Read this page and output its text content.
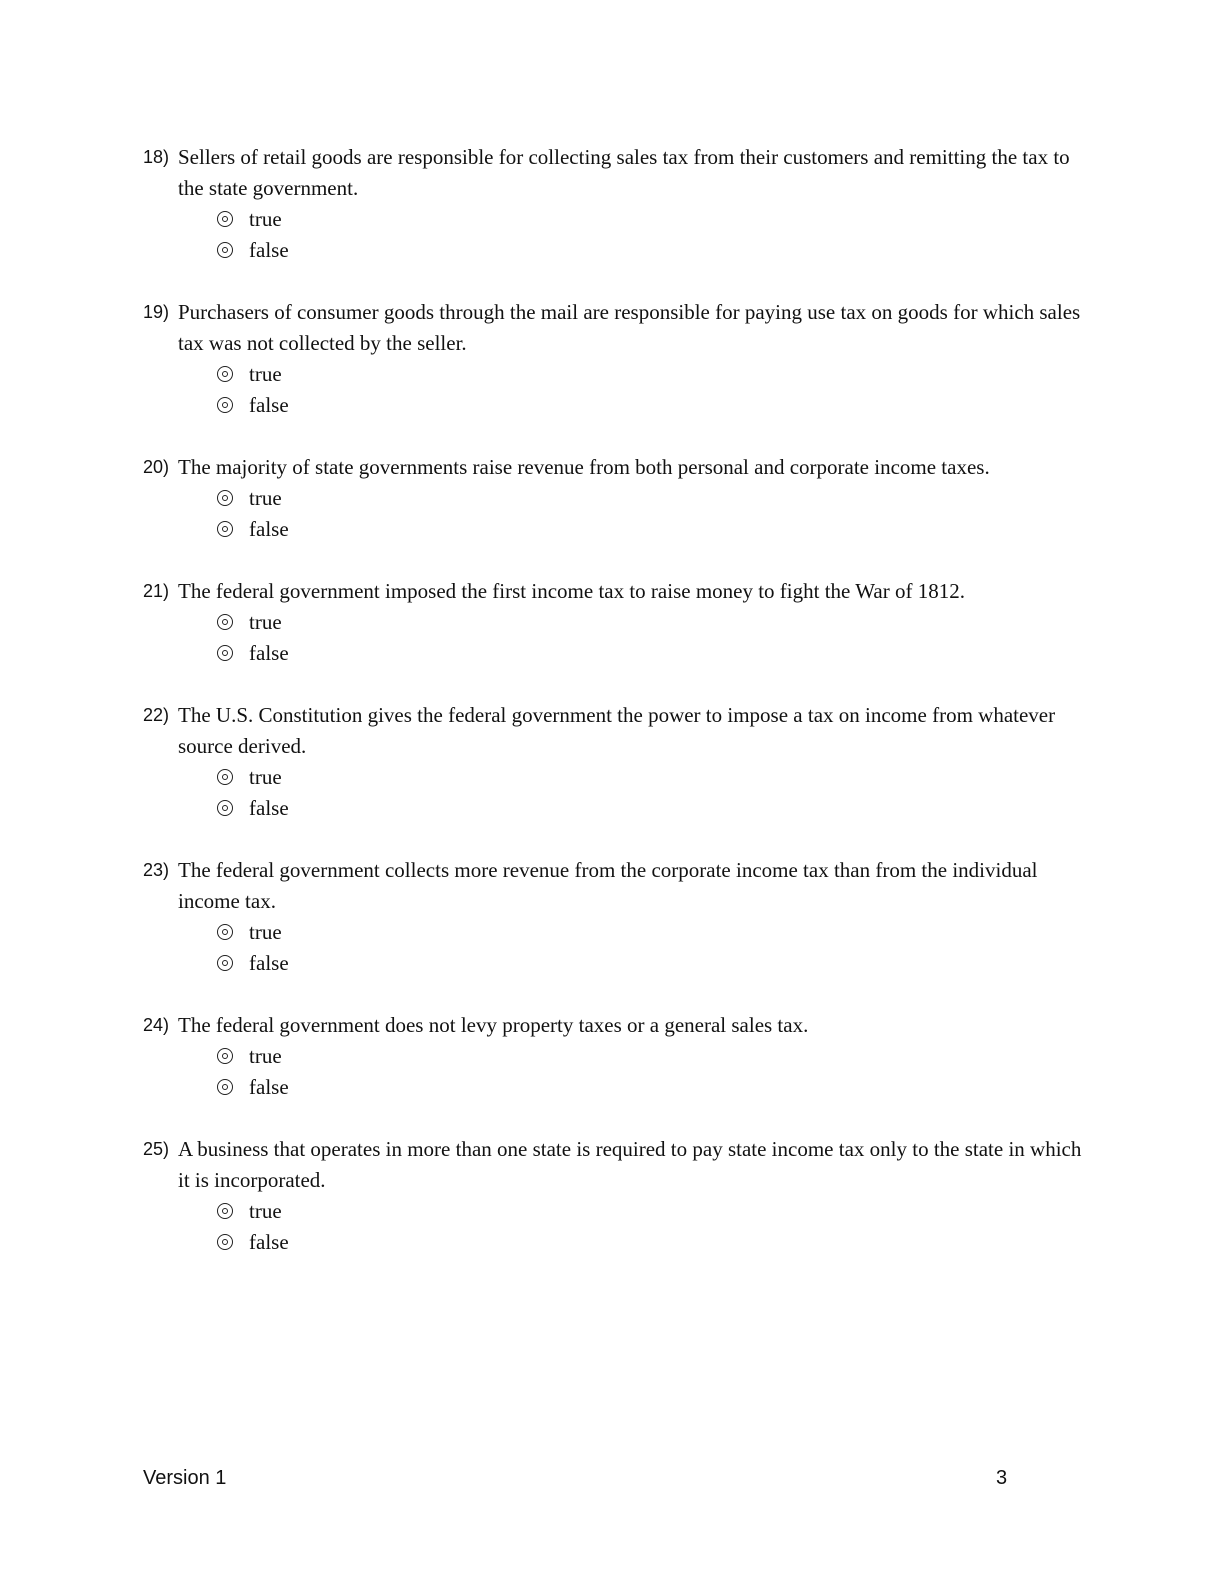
18) Sellers of retail goods are responsible for collecting sales tax from their customers and remitting the tax to the state government.
true
false
19) Purchasers of consumer goods through the mail are responsible for paying use tax on goods for which sales tax was not collected by the seller.
true
false
20) The majority of state governments raise revenue from both personal and corporate income taxes.
true
false
21) The federal government imposed the first income tax to raise money to fight the War of 1812.
true
false
22) The U.S. Constitution gives the federal government the power to impose a tax on income from whatever source derived.
true
false
23) The federal government collects more revenue from the corporate income tax than from the individual income tax.
true
false
24) The federal government does not levy property taxes or a general sales tax.
true
false
25) A business that operates in more than one state is required to pay state income tax only to the state in which it is incorporated.
true
false
Version 1	3
